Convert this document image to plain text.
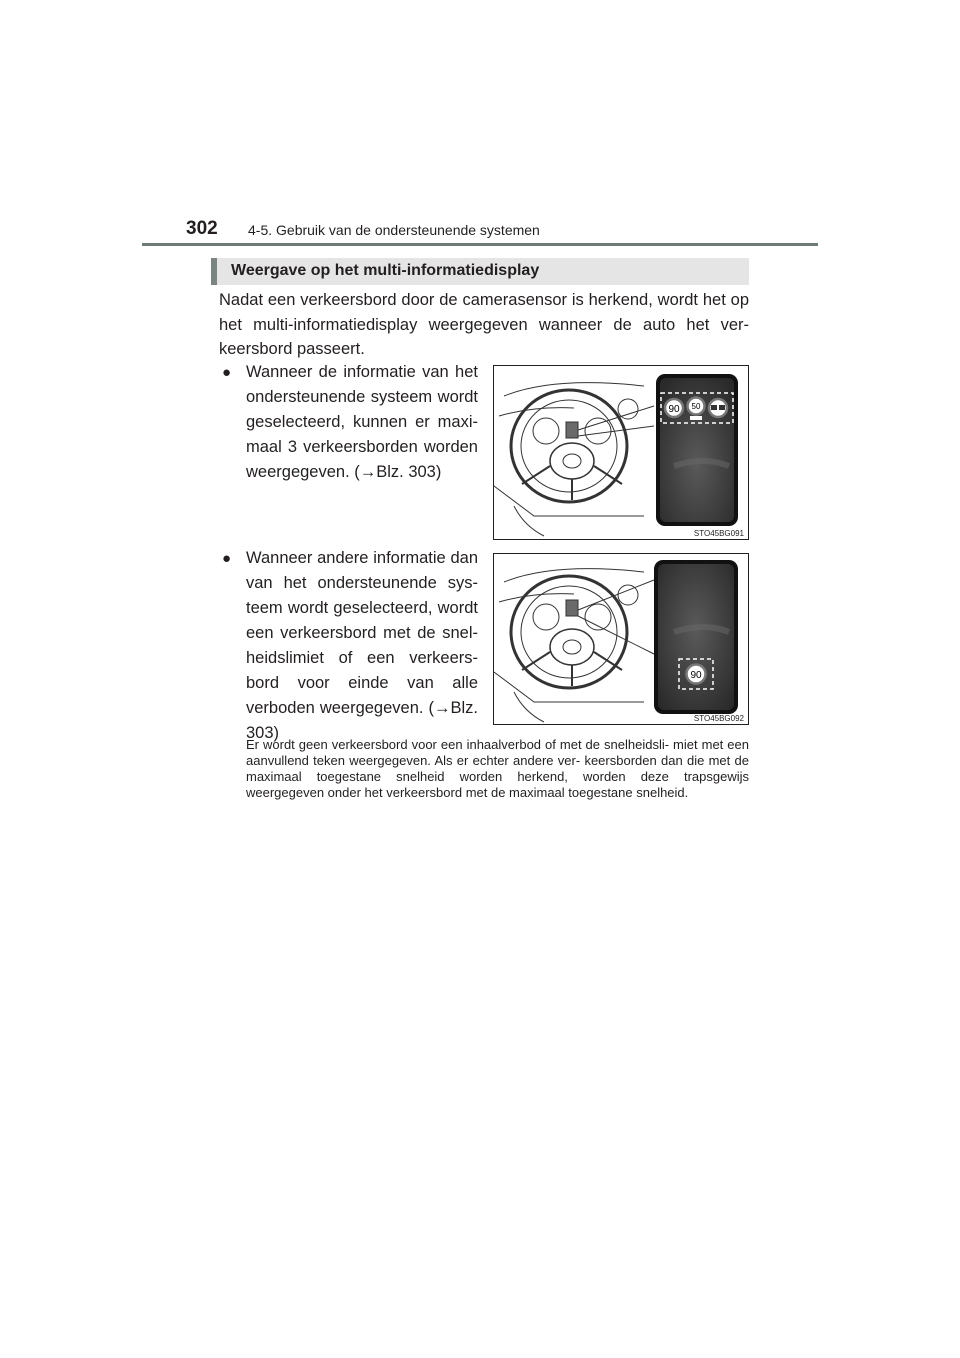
302 4-5. Gebruik van de ondersteunende systemen
Weergave op het multi-informatiedisplay
Nadat een verkeersbord door de camerasensor is herkend, wordt het op het multi-informatiedisplay weergegeven wanneer de auto het ver- keersbord passeert.
● Wanneer de informatie van het ondersteunende systeem wordt geselecteerd, kunnen er maxi- maal 3 verkeersborden worden weergegeven. (→Blz. 303)
● Wanneer andere informatie dan van het ondersteunende sys- teem wordt geselecteerd, wordt een verkeersbord met de snel- heidslimiet of een verkeers- bord voor einde van alle verboden weergegeven. (→Blz. 303)
Er wordt geen verkeersbord voor een inhaalverbod of met de snelheidsli- miet met een aanvullend teken weergegeven. Als er echter andere ver- keersborden dan die met de maximaal toegestane snelheid worden herkend, worden deze trapsgewijs weergegeven onder het verkeersbord met de maximaal toegestane snelheid.
90 50
STO45BG091
90
STO45BG092
